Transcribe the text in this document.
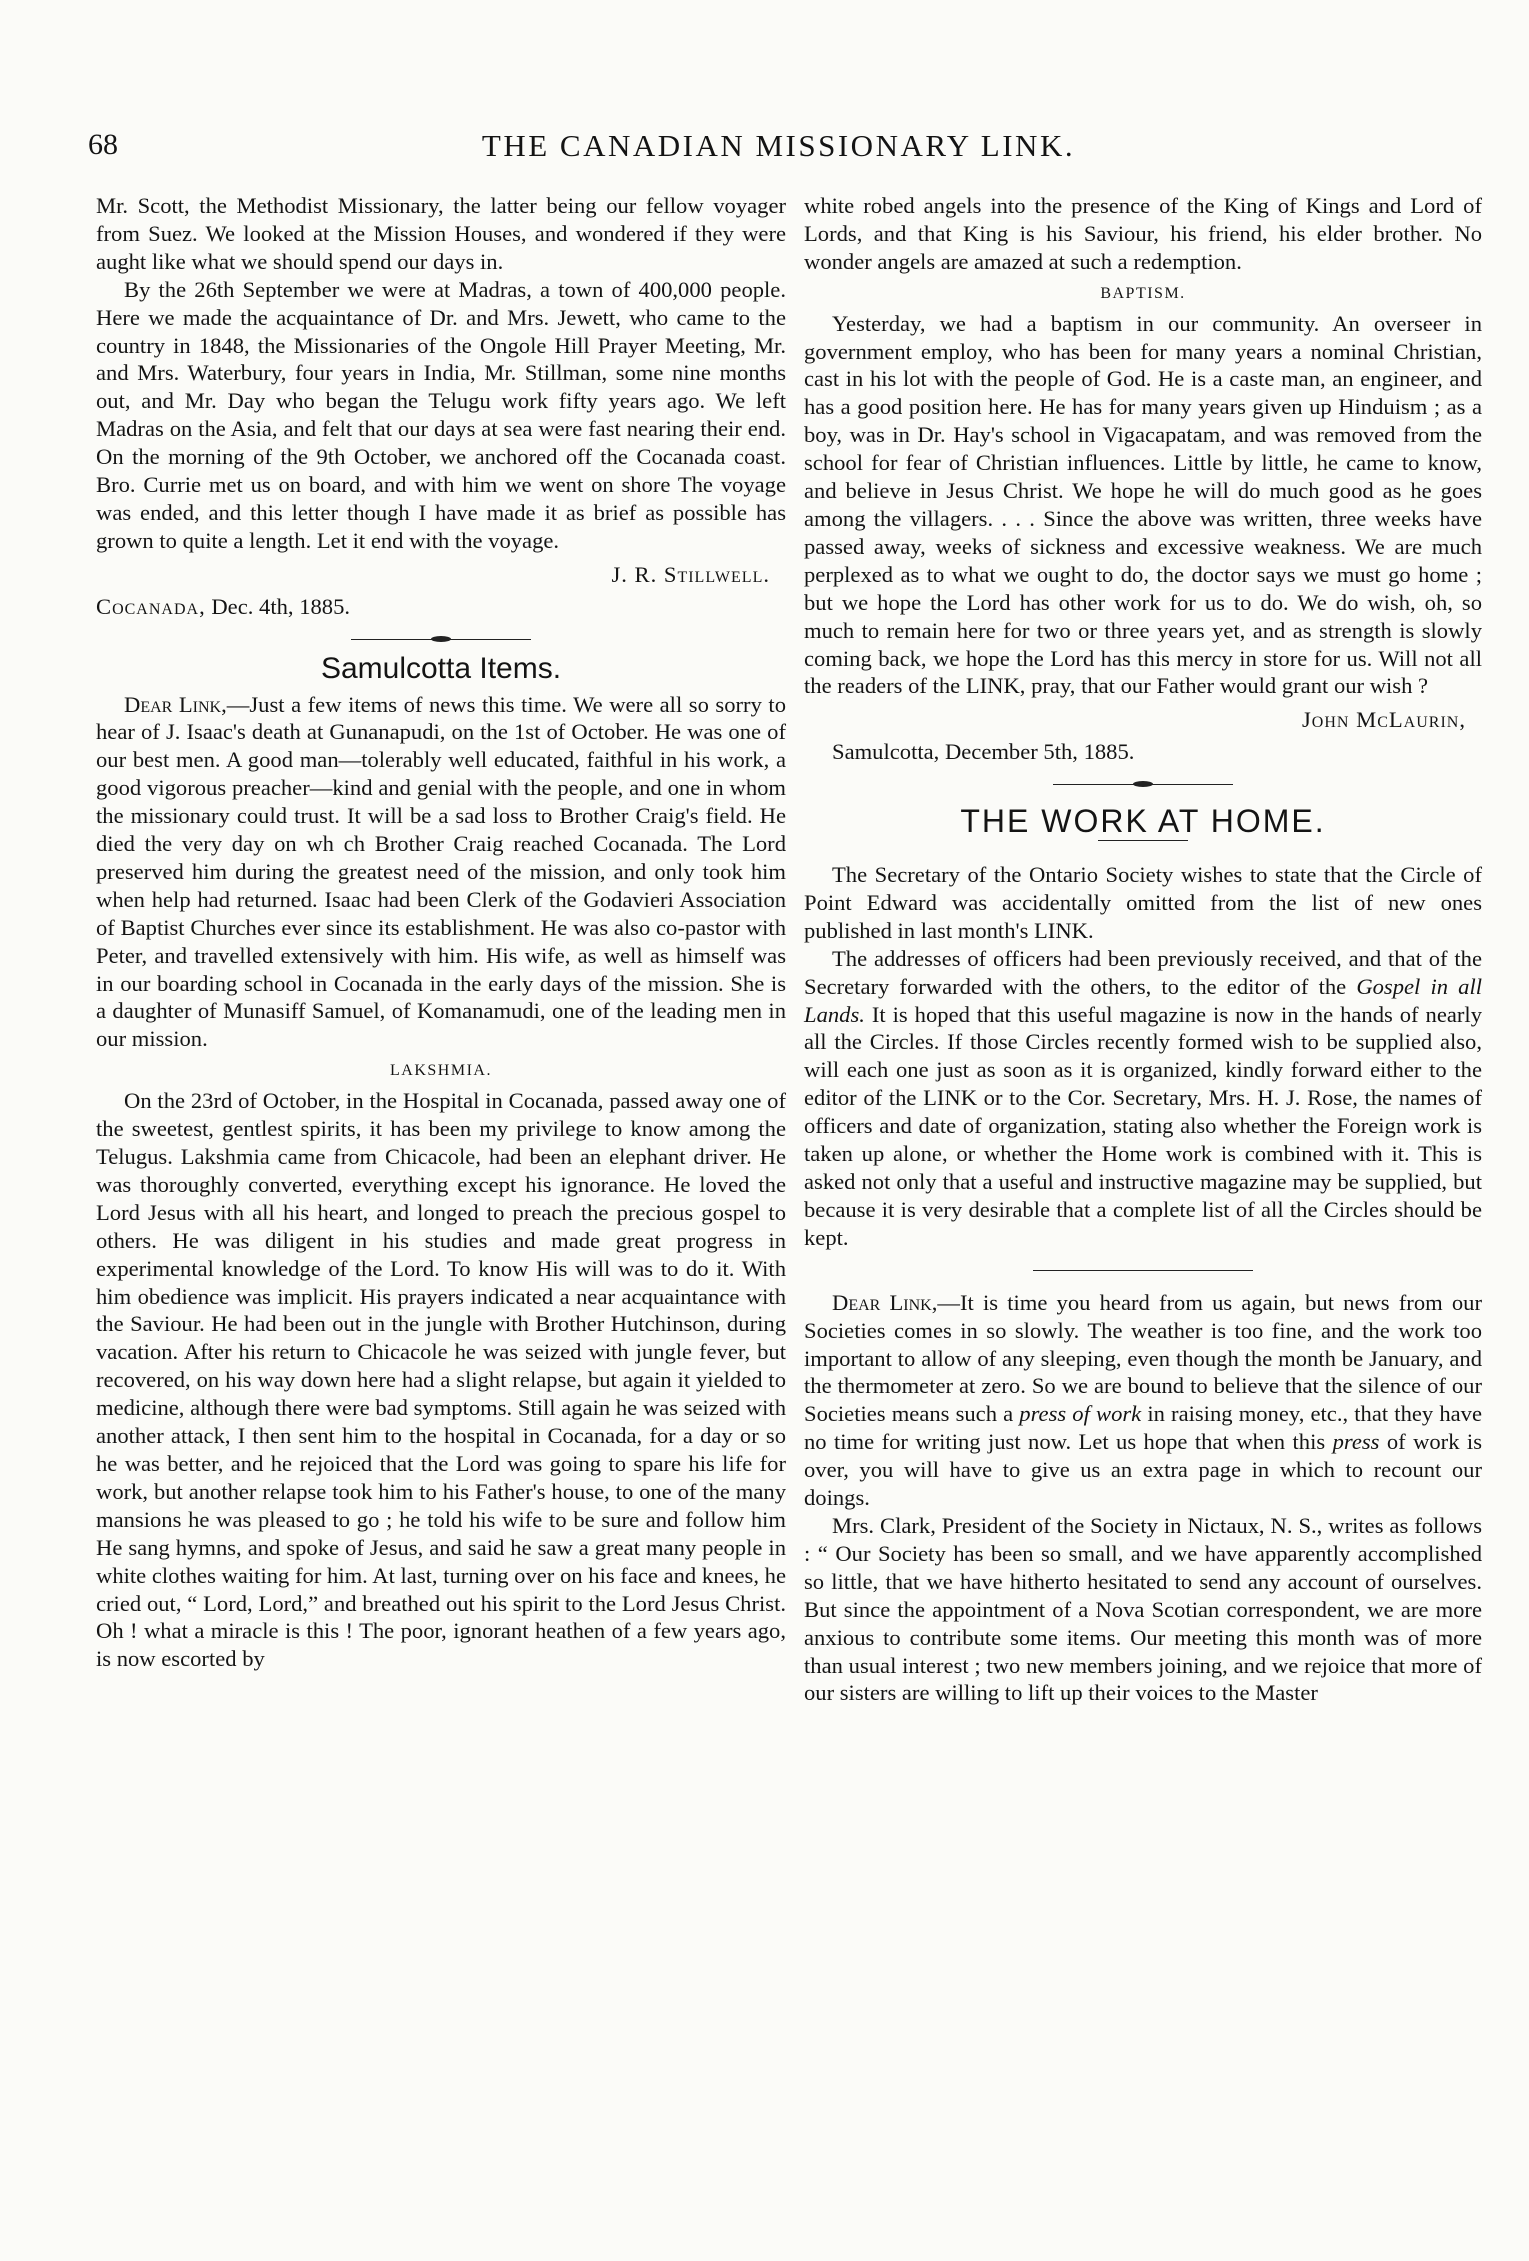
68	THE CANADIAN MISSIONARY LINK.

Mr. Scott, the Methodist Missionary, the latter being our fellow voyager from Suez. We looked at the Mission Houses, and wondered if they were aught like what we should spend our days in.

By the 26th September we were at Madras, a town of 400,000 people. Here we made the acquaintance of Dr. and Mrs. Jewett, who came to the country in 1848, the Missionaries of the Ongole Hill Prayer Meeting, Mr. and Mrs. Waterbury, four years in India, Mr. Stillman, some nine months out, and Mr. Day who began the Telugu work fifty years ago. We left Madras on the Asia, and felt that our days at sea were fast nearing their end. On the morning of the 9th October, we anchored off the Cocanada coast. Bro. Currie met us on board, and with him we went on shore The voyage was ended, and this letter though I have made it as brief as possible has grown to quite a length. Let it end with the voyage.

J. R. Stillwell.

Cocanada, Dec. 4th, 1885.

Samulcotta Items.

Dear Link,—Just a few items of news this time. We were all so sorry to hear of J. Isaac's death at Gunanapudi, on the 1st of October. He was one of our best men. A good man—tolerably well educated, faithful in his work, a good vigorous preacher—kind and genial with the people, and one in whom the missionary could trust. It will be a sad loss to Brother Craig's field. He died the very day on wh ch Brother Craig reached Cocanada. The Lord preserved him during the greatest need of the mission, and only took him when help had returned. Isaac had been Clerk of the Godavieri Association of Baptist Churches ever since its establishment. He was also co-pastor with Peter, and travelled extensively with him. His wife, as well as himself was in our boarding school in Cocanada in the early days of the mission. She is a daughter of Munasiff Samuel, of Komanamudi, one of the leading men in our mission.

LAKSHMIA.

On the 23rd of October, in the Hospital in Cocanada, passed away one of the sweetest, gentlest spirits, it has been my privilege to know among the Telugus. Lakshmia came from Chicacole, had been an elephant driver. He was thoroughly converted, everything except his ignorance. He loved the Lord Jesus with all his heart, and longed to preach the precious gospel to others. He was diligent in his studies and made great progress in experimental knowledge of the Lord. To know His will was to do it. With him obedience was implicit. His prayers indicated a near acquaintance with the Saviour. He had been out in the jungle with Brother Hutchinson, during vacation. After his return to Chicacole he was seized with jungle fever, but recovered, on his way down here had a slight relapse, but again it yielded to medicine, although there were bad symptoms. Still again he was seized with another attack, I then sent him to the hospital in Cocanada, for a day or so he was better, and he rejoiced that the Lord was going to spare his life for work, but another relapse took him to his Father's house, to one of the many mansions he was pleased to go ; he told his wife to be sure and follow him He sang hymns, and spoke of Jesus, and said he saw a great many people in white clothes waiting for him. At last, turning over on his face and knees, he cried out, “ Lord, Lord,” and breathed out his spirit to the Lord Jesus Christ. Oh ! what a miracle is this ! The poor, ignorant heathen of a few years ago, is now escorted by

white robed angels into the presence of the King of Kings and Lord of Lords, and that King is his Saviour, his friend, his elder brother. No wonder angels are amazed at such a redemption.

BAPTISM.

Yesterday, we had a baptism in our community. An overseer in government employ, who has been for many years a nominal Christian, cast in his lot with the people of God. He is a caste man, an engineer, and has a good position here. He has for many years given up Hinduism ; as a boy, was in Dr. Hay's school in Vigacapatam, and was removed from the school for fear of Christian influences. Little by little, he came to know, and believe in Jesus Christ. We hope he will do much good as he goes among the villagers. . . . Since the above was written, three weeks have passed away, weeks of sickness and excessive weakness. We are much perplexed as to what we ought to do, the doctor says we must go home ; but we hope the Lord has other work for us to do. We do wish, oh, so much to remain here for two or three years yet, and as strength is slowly coming back, we hope the Lord has this mercy in store for us. Will not all the readers of the LINK, pray, that our Father would grant our wish ?

John McLaurin,

Samulcotta, December 5th, 1885.

THE WORK AT HOME.

The Secretary of the Ontario Society wishes to state that the Circle of Point Edward was accidentally omitted from the list of new ones published in last month's LINK.

The addresses of officers had been previously received, and that of the Secretary forwarded with the others, to the editor of the Gospel in all Lands. It is hoped that this useful magazine is now in the hands of nearly all the Circles. If those Circles recently formed wish to be supplied also, will each one just as soon as it is organized, kindly forward either to the editor of the LINK or to the Cor. Secretary, Mrs. H. J. Rose, the names of officers and date of organization, stating also whether the Foreign work is taken up alone, or whether the Home work is combined with it. This is asked not only that a useful and instructive magazine may be supplied, but because it is very desirable that a complete list of all the Circles should be kept.

Dear Link,—It is time you heard from us again, but news from our Societies comes in so slowly. The weather is too fine, and the work too important to allow of any sleeping, even though the month be January, and the thermometer at zero. So we are bound to believe that the silence of our Societies means such a press of work in raising money, etc., that they have no time for writing just now. Let us hope that when this press of work is over, you will have to give us an extra page in which to recount our doings.

Mrs. Clark, President of the Society in Nictaux, N. S., writes as follows : “ Our Society has been so small, and we have apparently accomplished so little, that we have hitherto hesitated to send any account of ourselves. But since the appointment of a Nova Scotian correspondent, we are more anxious to contribute some items. Our meeting this month was of more than usual interest ; two new members joining, and we rejoice that more of our sisters are willing to lift up their voices to the Master
